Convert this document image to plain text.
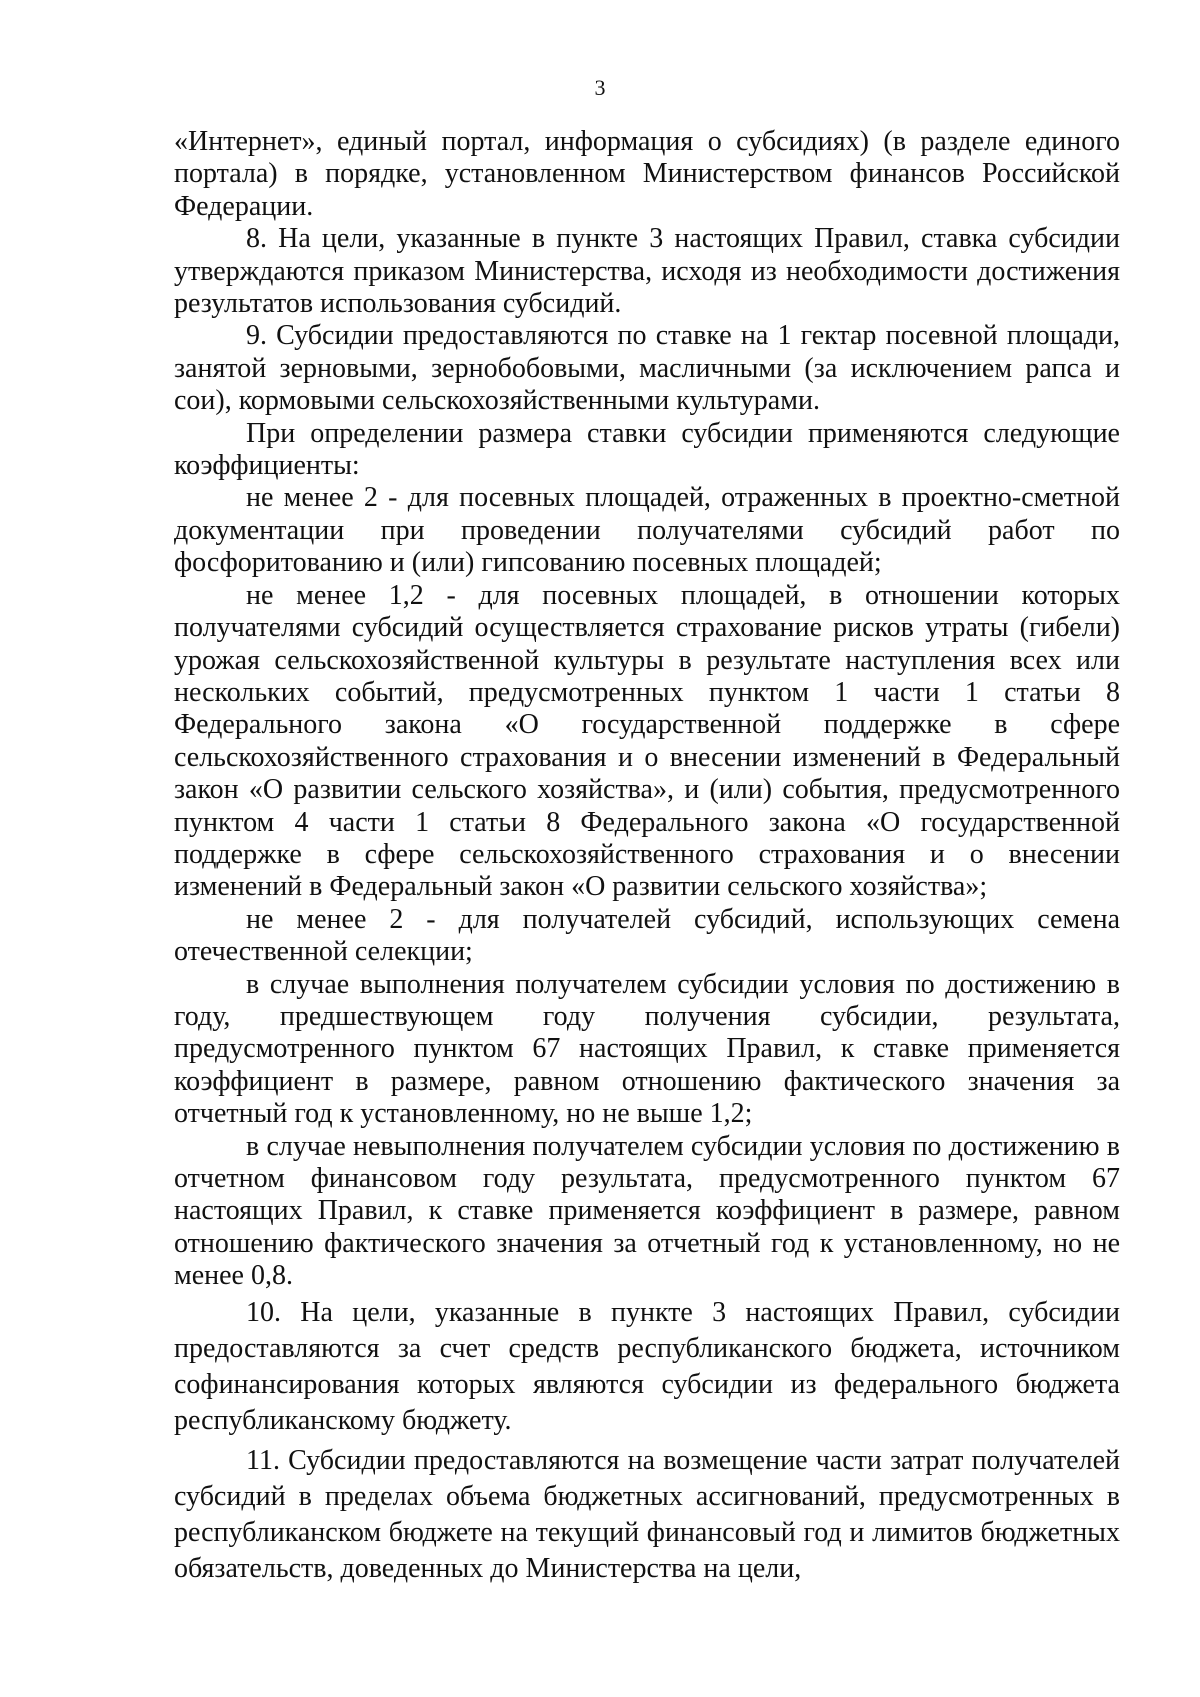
3

«Интернет», единый портал, информация о субсидиях) (в разделе единого портала) в порядке, установленном Министерством финансов Российской Федерации.

8. На цели, указанные в пункте 3 настоящих Правил, ставка субсидии утверждаются приказом Министерства, исходя из необходимости достижения результатов использования субсидий.

9. Субсидии предоставляются по ставке на 1 гектар посевной площади, занятой зерновыми, зернобобовыми, масличными (за исключением рапса и сои), кормовыми сельскохозяйственными культурами.

При определении размера ставки субсидии применяются следующие коэффициенты:

не менее 2 - для посевных площадей, отраженных в проектно-сметной документации при проведении получателями субсидий работ по фосфоритованию и (или) гипсованию посевных площадей;

не менее 1,2 - для посевных площадей, в отношении которых получателями субсидий осуществляется страхование рисков утраты (гибели) урожая сельскохозяйственной культуры в результате наступления всех или нескольких событий, предусмотренных пунктом 1 части 1 статьи 8 Федерального закона «О государственной поддержке в сфере сельскохозяйственного страхования и о внесении изменений в Федеральный закон «О развитии сельского хозяйства», и (или) события, предусмотренного пунктом 4 части 1 статьи 8 Федерального закона «О государственной поддержке в сфере сельскохозяйственного страхования и о внесении изменений в Федеральный закон «О развитии сельского хозяйства»;

не менее 2 - для получателей субсидий, использующих семена отечественной селекции;

в случае выполнения получателем субсидии условия по достижению в году, предшествующем году получения субсидии, результата, предусмотренного пунктом 67 настоящих Правил, к ставке применяется коэффициент в размере, равном отношению фактического значения за отчетный год к установленному, но не выше 1,2;

в случае невыполнения получателем субсидии условия по достижению в отчетном финансовом году результата, предусмотренного пунктом 67 настоящих Правил, к ставке применяется коэффициент в размере, равном отношению фактического значения за отчетный год к установленному, но не менее 0,8.

10. На цели, указанные в пункте 3 настоящих Правил, субсидии предоставляются за счет средств республиканского бюджета, источником софинансирования которых являются субсидии из федерального бюджета республиканскому бюджету.

11. Субсидии предоставляются на возмещение части затрат получателей субсидий в пределах объема бюджетных ассигнований, предусмотренных в республиканском бюджете на текущий финансовый год и лимитов бюджетных обязательств, доведенных до Министерства на цели,
